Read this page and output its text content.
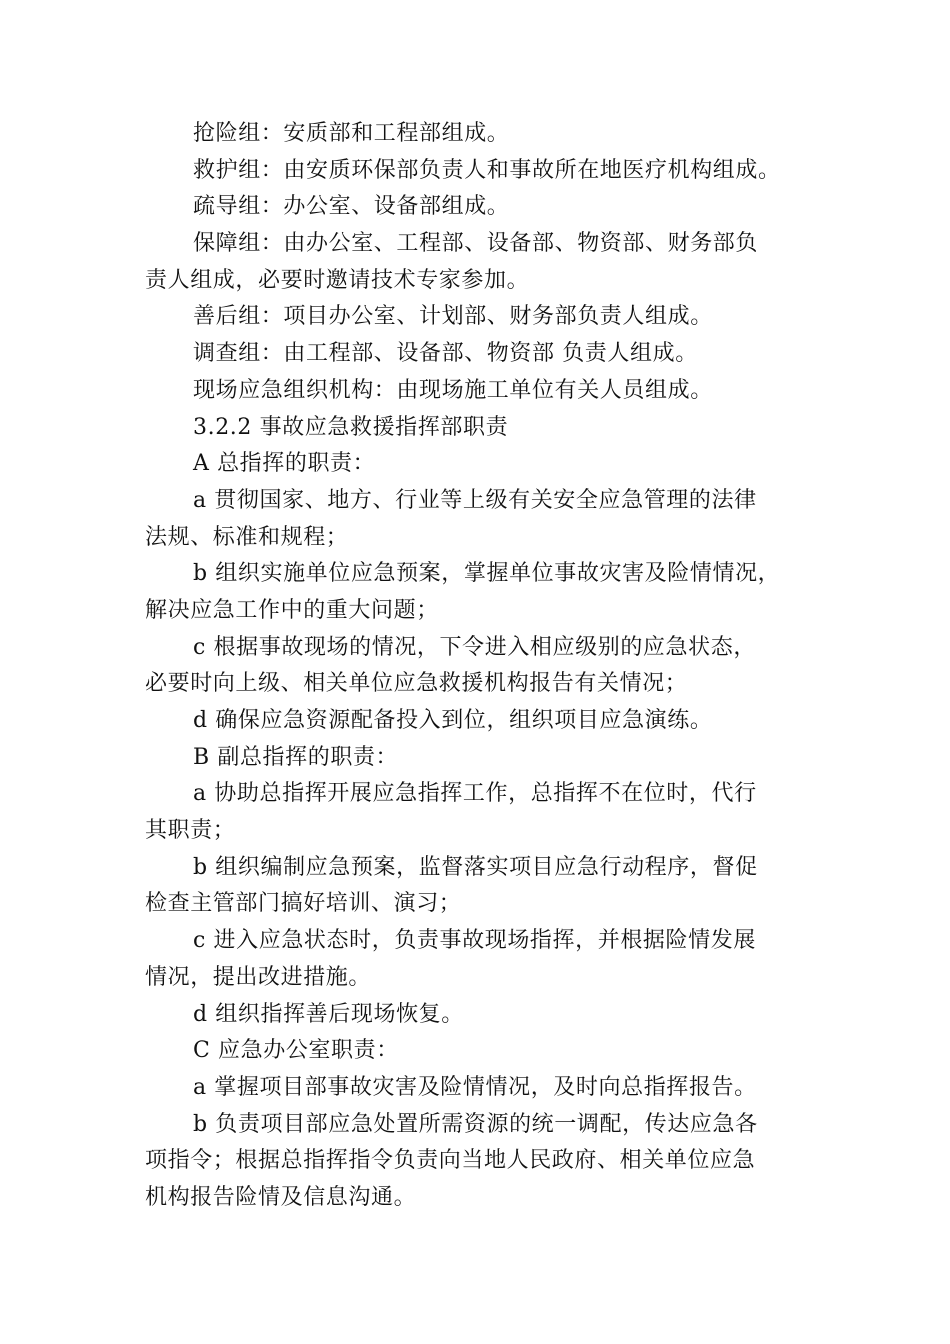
抢险组：安质部和工程部组成。
救护组：由安质环保部负责人和事故所在地医疗机构组成。
疏导组：办公室、设备部组成。
保障组：由办公室、工程部、设备部、物资部、财务部负
责人组成，必要时邀请技术专家参加。
善后组：项目办公室、计划部、财务部负责人组成。
调查组：由工程部、设备部、物资部 负责人组成。
现场应急组织机构：由现场施工单位有关人员组成。
3.2.2 事故应急救援指挥部职责
A 总指挥的职责：
a 贯彻国家、地方、行业等上级有关安全应急管理的法律
法规、标准和规程；
b 组织实施单位应急预案，掌握单位事故灾害及险情情况，
解决应急工作中的重大问题；
c 根据事故现场的情况，下令进入相应级别的应急状态，
必要时向上级、相关单位应急救援机构报告有关情况；
d 确保应急资源配备投入到位，组织项目应急演练。
B 副总指挥的职责：
a 协助总指挥开展应急指挥工作，总指挥不在位时，代行
其职责；
b 组织编制应急预案，监督落实项目应急行动程序，督促
检查主管部门搞好培训、演习；
c 进入应急状态时，负责事故现场指挥，并根据险情发展
情况，提出改进措施。
d 组织指挥善后现场恢复。
C 应急办公室职责：
a 掌握项目部事故灾害及险情情况，及时向总指挥报告。
b 负责项目部应急处置所需资源的统一调配，传达应急各
项指令；根据总指挥指令负责向当地人民政府、相关单位应急
机构报告险情及信息沟通。
